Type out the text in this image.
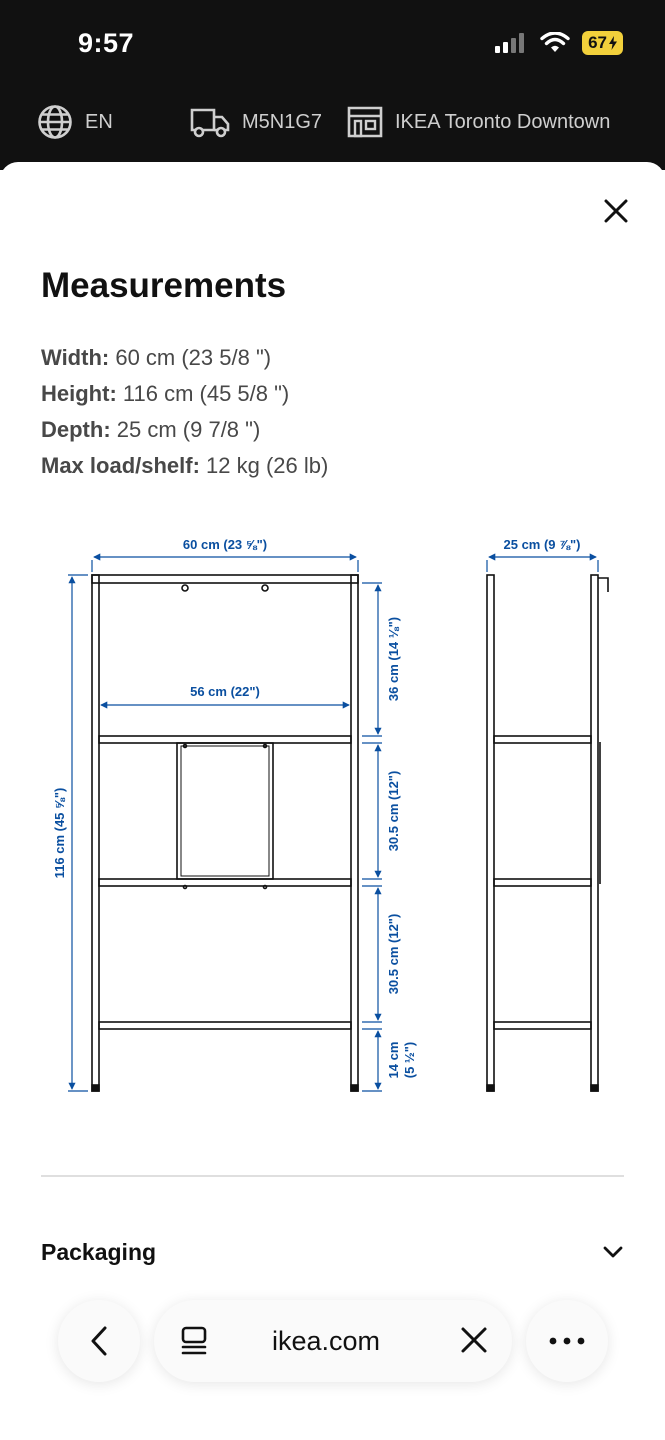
9:57	67
EN	M5N1G7	IKEA Toronto Downtown
Measurements
Width: 60 cm (23 5/8 ")
Height: 116 cm (45 5/8 ")
Depth: 25 cm (9 7/8 ")
Max load/shelf: 12 kg (26 lb)
60 cm (23 ⅝")
56 cm (22")
25 cm (9 ⅞")
116 cm (45 ⅝")
36 cm (14 ⅛")
30.5 cm (12")
30.5 cm (12")
14 cm (5 ½")
Packaging
ikea.com
